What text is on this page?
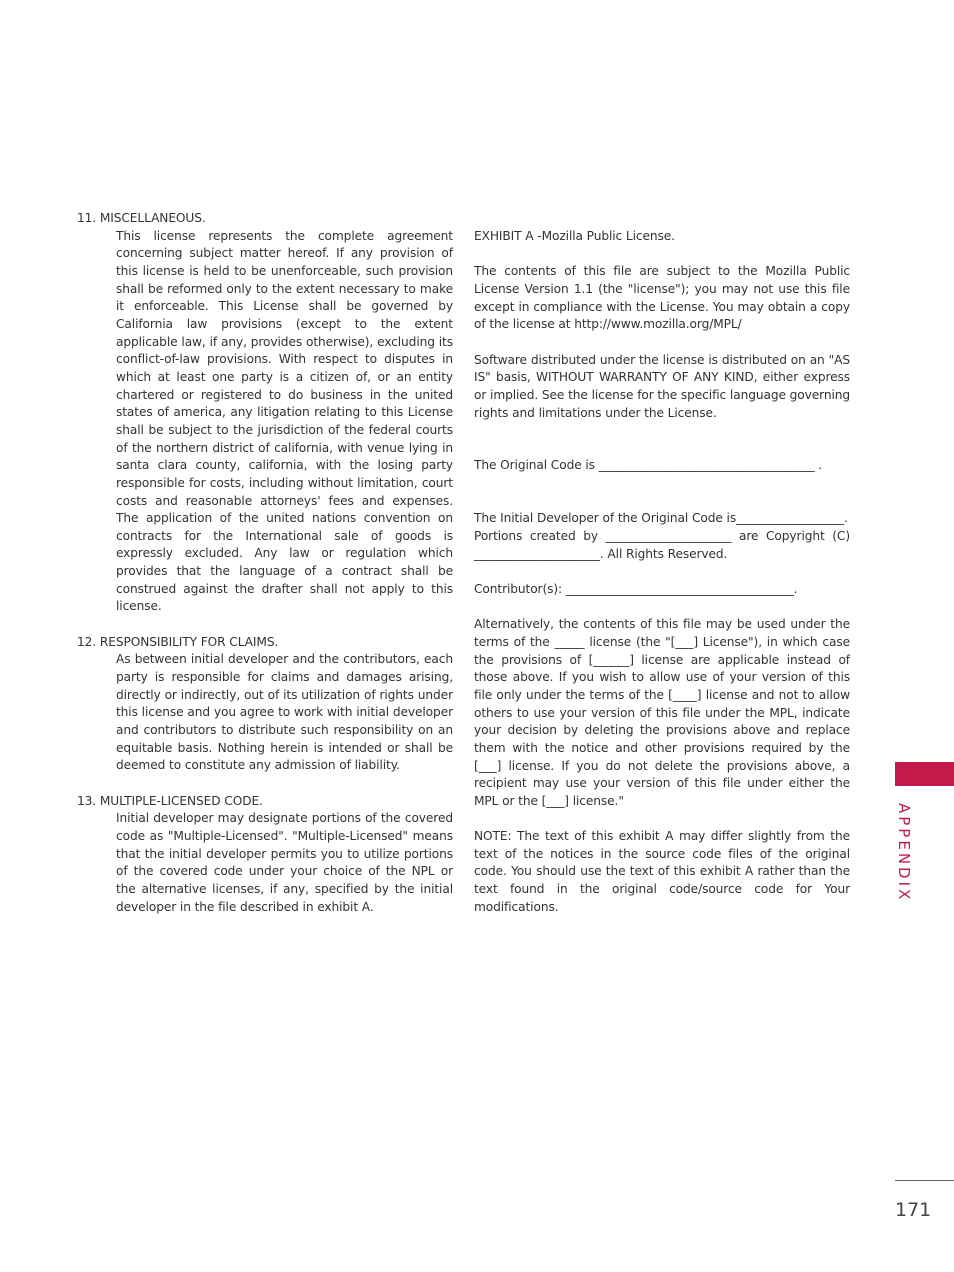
11. MISCELLANEOUS.

This license represents the complete agreement concerning subject matter hereof. If any provision of this license is held to be unenforceable, such provision shall be reformed only to the extent necessary to make it enforceable. This License shall be governed by California law provisions (except to the extent applicable law, if any, provides otherwise), excluding its conflict-of-law provisions. With respect to disputes in which at least one party is a citizen of, or an entity chartered or registered to do business in the united states of america, any litigation relating to this License shall be subject to the jurisdiction of the federal courts of the northern district of california, with venue lying in santa clara county, california, with the losing party responsible for costs, including without limitation, court costs and reasonable attorneys' fees and expenses. The application of the united nations convention on contracts for the International sale of goods is expressly excluded. Any law or regulation which provides that the language of a contract shall be construed against the drafter shall not apply to this license.

12. RESPONSIBILITY FOR CLAIMS.

As between initial developer and the contributors, each party is responsible for claims and damages arising, directly or indirectly, out of its utilization of rights under this license and you agree to work with initial developer and contributors to distribute such responsibility on an equitable basis. Nothing herein is intended or shall be deemed to constitute any admission of liability.

13. MULTIPLE-LICENSED CODE.

Initial developer may designate portions of the covered code as "Multiple-Licensed". "Multiple-Licensed" means that the initial developer permits you to utilize portions of the covered code under your choice of the NPL or the alternative licenses, if any, specified by the initial developer in the file described in exhibit A.

EXHIBIT A -Mozilla Public License.

The contents of this file are subject to the Mozilla Public License Version 1.1 (the "license"); you may not use this file except in compliance with the License. You may obtain a copy of the license at http://www.mozilla.org/MPL/

Software distributed under the license is distributed on an "AS IS" basis, WITHOUT WARRANTY OF ANY KIND, either express or implied. See the license for the specific language governing rights and limitations under the License.

The Original Code is ____________________________________ .

The Initial Developer of the Original Code is__________________.

Portions created by _____________________ are Copyright (C) _____________________. All Rights Reserved.

Contributor(s): ______________________________________.

Alternatively, the contents of this file may be used under the terms of the _____ license (the "[___] License"), in which case the provisions of [______] license are applicable instead of those above. If you wish to allow use of your version of this file only under the terms of the [____] license and not to allow others to use your version of this file under the MPL, indicate your decision by deleting the provisions above and replace them with the notice and other provisions required by the [___] license. If you do not delete the provisions above, a recipient may use your version of this file under either the MPL or the [___] license."

NOTE: The text of this exhibit A may differ slightly from the text of the notices in the source code files of the original code. You should use the text of this exhibit A rather than the text found in the original code/source code for Your modifications.

APPENDIX
171
